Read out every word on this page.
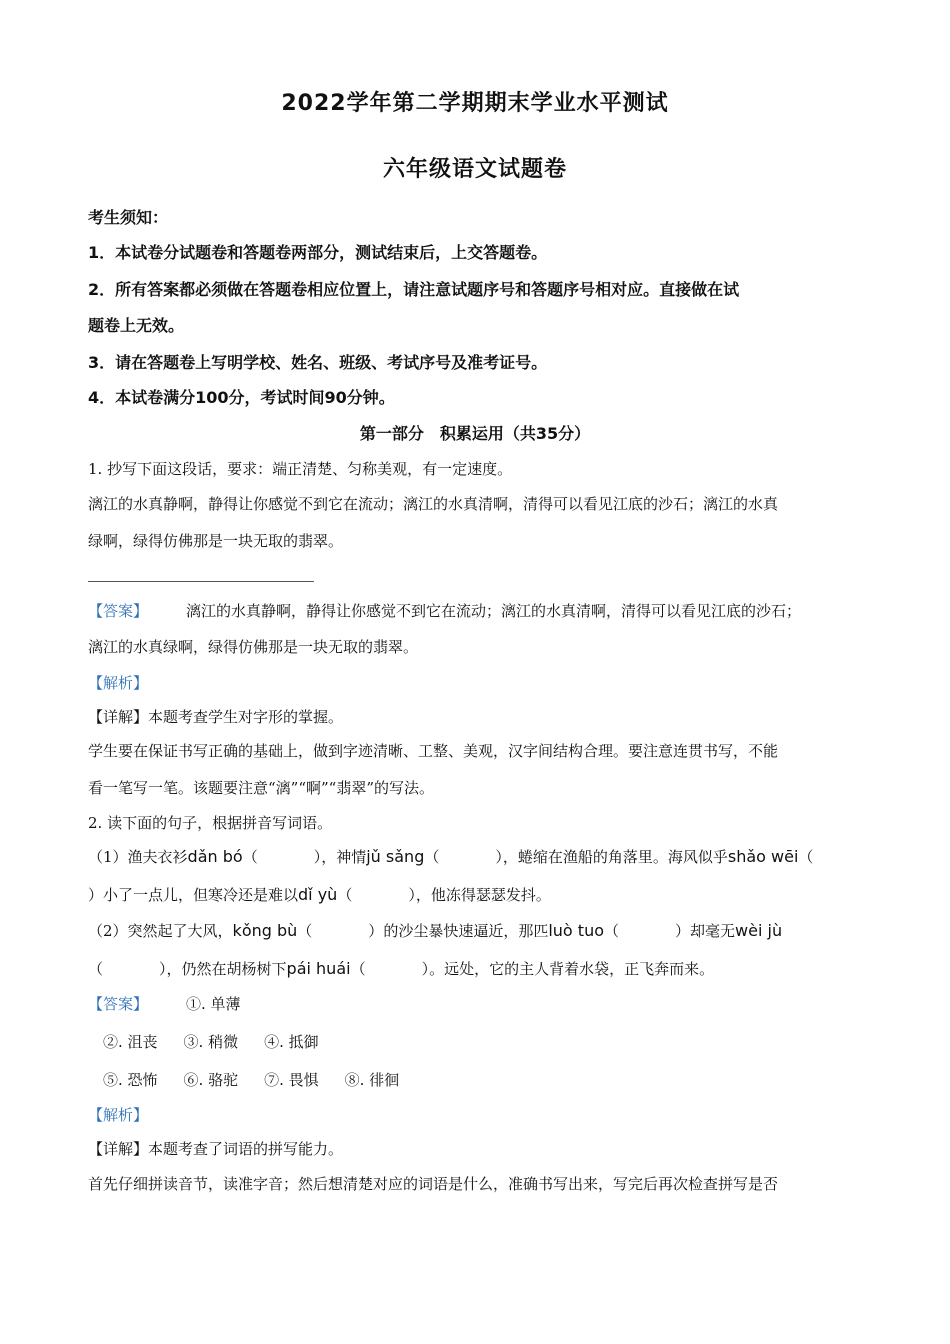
2022学年第二学期期末学业水平测试
六年级语文试题卷
考生须知：
1．本试卷分试题卷和答题卷两部分，测试结束后，上交答题卷。
2．所有答案都必须做在答题卷相应位置上，请注意试题序号和答题序号相对应。直接做在试
题卷上无效。
3．请在答题卷上写明学校、姓名、班级、考试序号及准考证号。
4．本试卷满分100分，考试时间90分钟。
第一部分　积累运用（共35分）
1. 抄写下面这段话，要求：端正清楚、匀称美观，有一定速度。
漓江的水真静啊，静得让你感觉不到它在流动；漓江的水真清啊，清得可以看见江底的沙石；漓江的水真
绿啊，绿得仿佛那是一块无取的翡翠。
【答案】	漓江的水真静啊，静得让你感觉不到它在流动；漓江的水真清啊，清得可以看见江底的沙石；
漓江的水真绿啊，绿得仿佛那是一块无取的翡翠。
【解析】
【详解】本题考查学生对字形的掌握。
学生要在保证书写正确的基础上，做到字迹清晰、工整、美观，汉字间结构合理。要注意连贯书写，不能
看一笔写一笔。该题要注意“漓”“啊”“翡翠”的写法。
2. 读下面的句子，根据拼音写词语。
（1）渔夫衣衫dǎn bó（	），神情jǔ sǎng（	），蜷缩在渔船的角落里。海风似乎shǎo wēi（
）小了一点儿，但寒冷还是难以dǐ yù（	），他冻得瑟瑟发抖。
（2）突然起了大风，kǒng bù（	）的沙尘暴快速逼近，那匹luò tuo（	）却毫无wèi jù
（	），仍然在胡杨树下pái huái（	）。远处，它的主人背着水袋，正飞奔而来。
【答案】	①. 单薄
②. 沮丧 ③. 稍微 ④. 抵御
⑤. 恐怖 ⑥. 骆驼 ⑦. 畏惧 ⑧. 徘徊
【解析】
【详解】本题考查了词语的拼写能力。
首先仔细拼读音节，读准字音；然后想清楚对应的词语是什么，准确书写出来，写完后再次检查拼写是否
